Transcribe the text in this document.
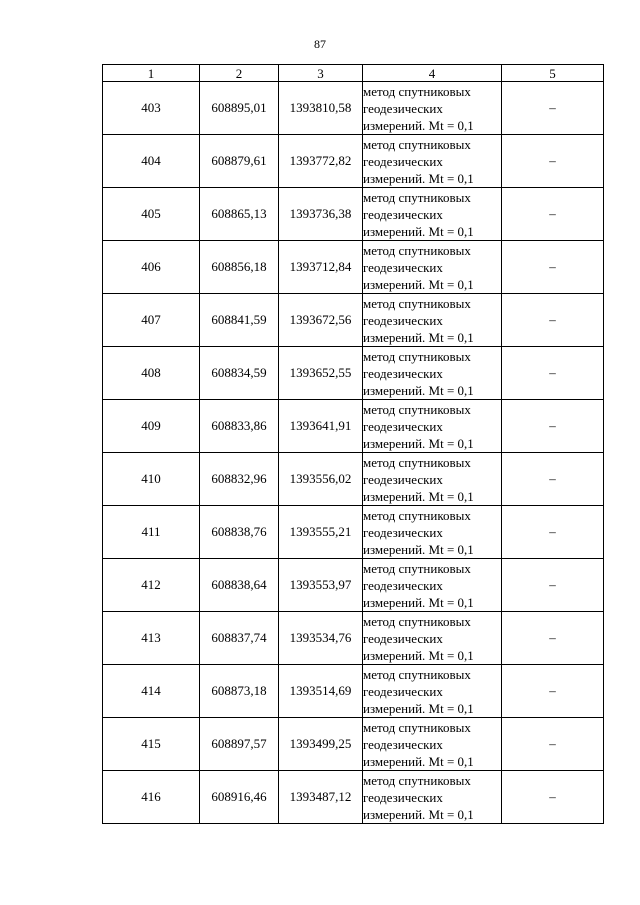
87
1	2	3	4	5
403	608895,01	1393810,58	метод спутниковых
геодезических
измерений. Mt = 0,1	–
404	608879,61	1393772,82	метод спутниковых
геодезических
измерений. Mt = 0,1	–
405	608865,13	1393736,38	метод спутниковых
геодезических
измерений. Mt = 0,1	–
406	608856,18	1393712,84	метод спутниковых
геодезических
измерений. Mt = 0,1	–
407	608841,59	1393672,56	метод спутниковых
геодезических
измерений. Mt = 0,1	–
408	608834,59	1393652,55	метод спутниковых
геодезических
измерений. Mt = 0,1	–
409	608833,86	1393641,91	метод спутниковых
геодезических
измерений. Mt = 0,1	–
410	608832,96	1393556,02	метод спутниковых
геодезических
измерений. Mt = 0,1	–
411	608838,76	1393555,21	метод спутниковых
геодезических
измерений. Mt = 0,1	–
412	608838,64	1393553,97	метод спутниковых
геодезических
измерений. Mt = 0,1	–
413	608837,74	1393534,76	метод спутниковых
геодезических
измерений. Mt = 0,1	–
414	608873,18	1393514,69	метод спутниковых
геодезических
измерений. Mt = 0,1	–
415	608897,57	1393499,25	метод спутниковых
геодезических
измерений. Mt = 0,1	–
416	608916,46	1393487,12	метод спутниковых
геодезических
измерений. Mt = 0,1	–
